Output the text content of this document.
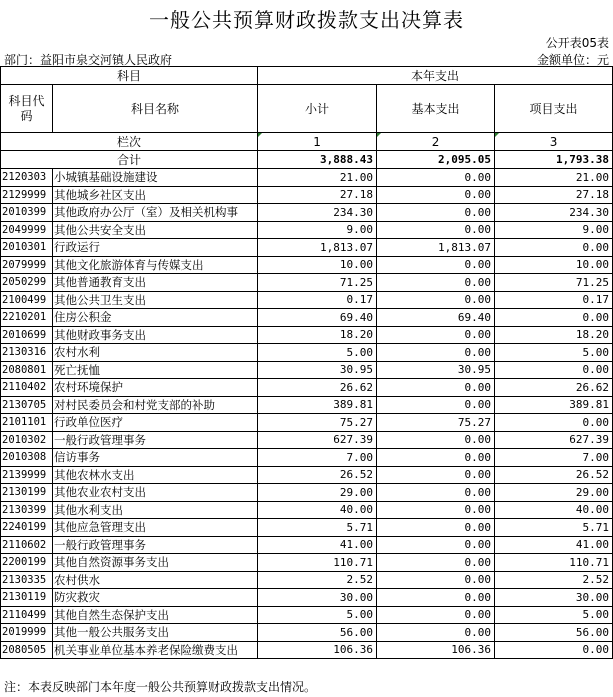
一般公共预算财政拨款支出决算表
公开表05表
部门：益阳市泉交河镇人民政府	金额单位：元
科目		本年支出		
科目代码	科目名称	小计	基本支出	项目支出
栏次		1	2	3
合计		3,888.43	2,095.05	1,793.38
2120303	小城镇基础设施建设	21.00	0.00	21.00
2129999	其他城乡社区支出	27.18	0.00	27.18
2010399	其他政府办公厅（室）及相关机构事	234.30	0.00	234.30
2049999	其他公共安全支出	9.00	0.00	9.00
2010301	行政运行	1,813.07	1,813.07	0.00
2079999	其他文化旅游体育与传媒支出	10.00	0.00	10.00
2050299	其他普通教育支出	71.25	0.00	71.25
2100499	其他公共卫生支出	0.17	0.00	0.17
2210201	住房公积金	69.40	69.40	0.00
2010699	其他财政事务支出	18.20	0.00	18.20
2130316	农村水利	5.00	0.00	5.00
2080801	死亡抚恤	30.95	30.95	0.00
2110402	农村环境保护	26.62	0.00	26.62
2130705	对村民委员会和村党支部的补助	389.81	0.00	389.81
2101101	行政单位医疗	75.27	75.27	0.00
2010302	一般行政管理事务	627.39	0.00	627.39
2010308	信访事务	7.00	0.00	7.00
2139999	其他农林水支出	26.52	0.00	26.52
2130199	其他农业农村支出	29.00	0.00	29.00
2130399	其他水利支出	40.00	0.00	40.00
2240199	其他应急管理支出	5.71	0.00	5.71
2110602	一般行政管理事务	41.00	0.00	41.00
2200199	其他自然资源事务支出	110.71	0.00	110.71
2130335	农村供水	2.52	0.00	2.52
2130119	防灾救灾	30.00	0.00	30.00
2110499	其他自然生态保护支出	5.00	0.00	5.00
2019999	其他一般公共服务支出	56.00	0.00	56.00
2080505	机关事业单位基本养老保险缴费支出	106.36	106.36	0.00
注：本表反映部门本年度一般公共预算财政拨款支出情况。
